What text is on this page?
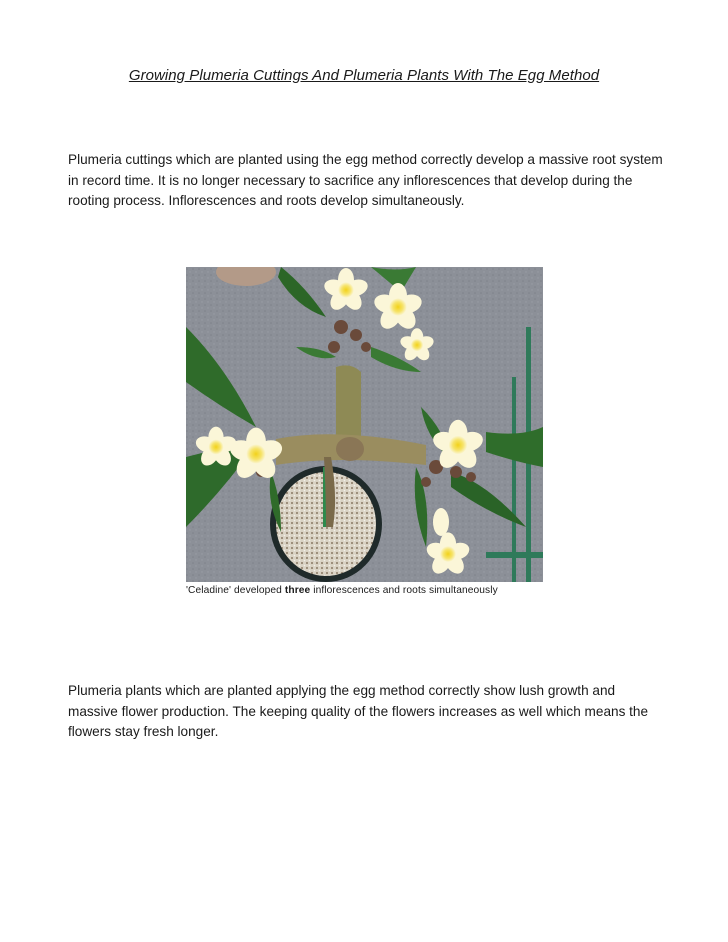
Growing Plumeria Cuttings And Plumeria Plants With The Egg Method

Plumeria cuttings which are planted using the egg method correctly develop a massive root system in record time. It is no longer necessary to sacrifice any inflorescences that develop during the rooting process. Inflorescences and roots develop simultaneously.

'Celadine' developed three inflorescences and roots simultaneously

Plumeria plants which are planted applying the egg method correctly show lush growth and massive flower production. The keeping quality of the flowers increases as well which means the flowers stay fresh longer.
